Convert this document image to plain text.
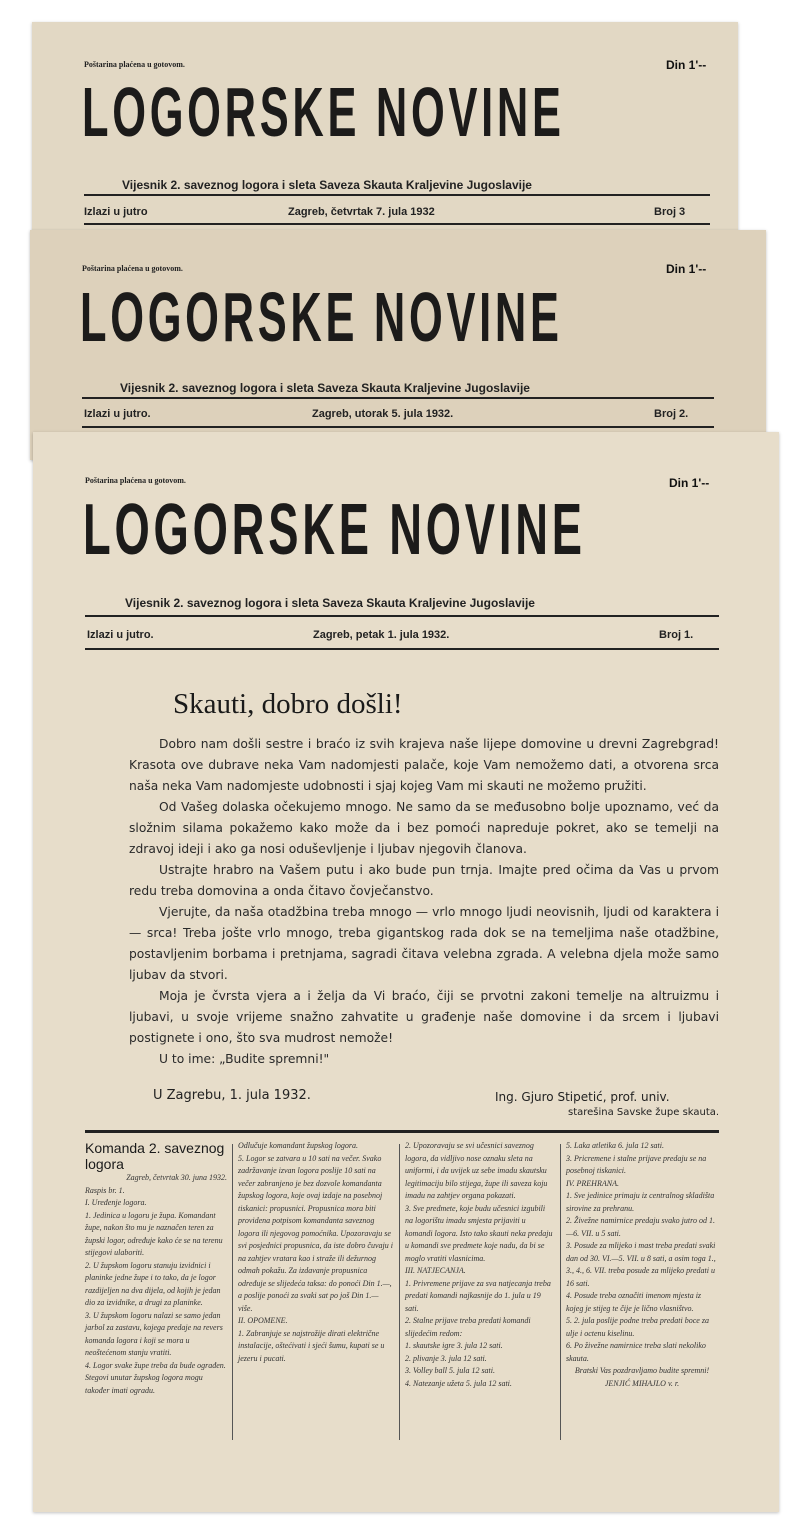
Poštarina plaćena u gotovom.	Din 1'--
LOGORSKE NOVINE
Vijesnik 2. saveznog logora i sleta Saveza Skauta Kraljevine Jugoslavije
Izlazi u jutro	Zagreb, četvrtak 7. jula 1932	Broj 3
Poštarina plaćena u gotovom.	Din 1'--
LOGORSKE NOVINE
Vijesnik 2. saveznog logora i sleta Saveza Skauta Kraljevine Jugoslavije
Izlazi u jutro.	Zagreb, utorak 5. jula 1932.	Broj 2.
Poštarina plaćena u gotovom.	Din 1'--
LOGORSKE NOVINE
Vijesnik 2. saveznog logora i sleta Saveza Skauta Kraljevine Jugoslavije
Izlazi u jutro.	Zagreb, petak 1. jula 1932.	Broj 1.
Skauti, dobro došli!

Dobro nam došli sestre i braćo iz svih krajeva naše lijepe domovine u drevni Zagrebgrad! Krasota ove dubrave neka Vam nadomjesti palače, koje Vam nemožemo dati, a otvorena srca naša neka Vam nadomjeste udobnosti i sjaj kojeg Vam mi skauti ne možemo pružiti.

Od Vašeg dolaska očekujemo mnogo. Ne samo da se međusobno bolje upoznamo, već da složnim silama pokažemo kako može da i bez pomoći napreduje pokret, ako se temelji na zdravoj ideji i ako ga nosi oduševljenje i ljubav njegovih članova.

Ustrajte hrabro na Vašem putu i ako bude pun trnja. Imajte pred očima da Vas u prvom redu treba domovina a onda čitavo čovječanstvo.

Vjerujte, da naša otadžbina treba mnogo — vrlo mnogo ljudi neovisnih, ljudi od karaktera i — srca! Treba jošte vrlo mnogo, treba gigantskog rada dok se na temeljima naše otadžbine, postavljenim borbama i pretnjama, sagradi čitava velebna zgrada. A velebna djela može samo ljubav da stvori.

Moja je čvrsta vjera a i želja da Vi braćo, čiji se prvotni zakoni temelje na altruizmu i ljubavi, u svoje vrijeme snažno zahvatite u građenje naše domovine i da srcem i ljubavi postignete i ono, što sva mudrost nemože!

U to ime: „Budite spremni!"

U Zagrebu, 1. jula 1932.	Ing. Gjuro Stipetić, prof. univ.
starešina Savske župe skauta.

Komanda 2. saveznog logora

Zagreb, četvrtak 30. juna 1932.

Raspis br. 1.

I. Uređenje logora.

1. Jedinica u logoru je župa. Komandant župe, nakon što mu je naznačen teren za župski logor, određuje kako će se na terenu stijegovi ulaboriti.

2. U župskom logoru stanuju izvidnici i planinke jedne župe i to tako, da je logor razdijeljen na dva dijela, od kojih je jedan dio za izvidnike, a drugi za planinke.

3. U župskom logoru nalazi se samo jedan jarbol za zastavu, kojega predaje na revers komanda logora i koji se mora u neoštećenom stanju vratiti.

4. Logor svake župe treba da bude ograđen. Stegovi unutar župskog logora mogu također imati ogradu.

Odlučuje komandant župskog logora.

5. Logor se zatvara u 10 sati na večer. Svako zadržavanje izvan logora poslije 10 sati na večer zabranjeno je bez dozvole komandanta župskog logora, koje ovaj izdaje na posebnoj tiskanici: propusnici. Propusnica mora biti providena potpisom komandanta saveznog logora ili njegovog pomoćnika. Upozoravaju se svi posjednici propusnica, da iste dobro čuvaju i na zahtjev vratara kao i straže ili dežurnog odmah pokažu. Za izdavanje propusnica određuje se slijedeća taksa: do ponoći Din 1.—, a poslije ponoći za svaki sat po još Din 1.— više.

II. OPOMENE.

1. Zabranjuje se najstrožije dirati električne instalacije, oštećivati i sjeći šumu, kupati se u jezeru i pucati.

2. Upozoravaju se svi učesnici saveznog logora, da vidljivo nose oznaku sleta na uniformi, i da uvijek uz sebe imadu skautsku legitimaciju bilo stijega, župe ili saveza koju imadu na zahtjev organa pokazati.

3. Sve predmete, koje budu učesnici izgubili na logorištu imadu smjesta prijaviti u komandi logora. Isto tako skauti neka predaju u komandi sve predmete koje nadu, da bi se moglo vratiti vlasnicima.

III. NATJECANJA.

1. Privremene prijave za sva natjecanja treba predati komandi najkasnije do 1. jula u 19 sati.

2. Stalne prijave treba predati komandi slijedećim redom:

1. skautske igre 3. jula 12 sati.

2. plivanje 3. jula 12 sati.

3. Volley ball 5. jula 12 sati.

4. Natezanje užeta 5. jula 12 sati.

5. Laka atletika 6. jula 12 sati.

3. Pricremene i stalne prijave predaju se na posebnoj tiskanici.

IV. PREHRANA.

1. Sve jedinice primaju iz centralnog skladišta sirovine za prehranu.

2. Živežne namirnice predaju svako jutro od 1.—6. VII. u 5 sati.

3. Posude za mlijeko i mast treba predati svaki dan od 30. VI.—5. VII. u 8 sati, a osim toga 1., 3., 4., 6. VII. treba posude za mlijeko predati u 16 sati.

4. Posude treba označiti imenom mjesta iz kojeg je stijeg te čije je lično vlasništvo.

5. 2. jula poslije podne treba predati boce za ulje i octenu kiselinu.

6. Po živežne namirnice treba slati nekoliko skauta.

Bratski Vas pozdravljamo budite spremni!

JENJIĆ MIHAJLO v. r.
